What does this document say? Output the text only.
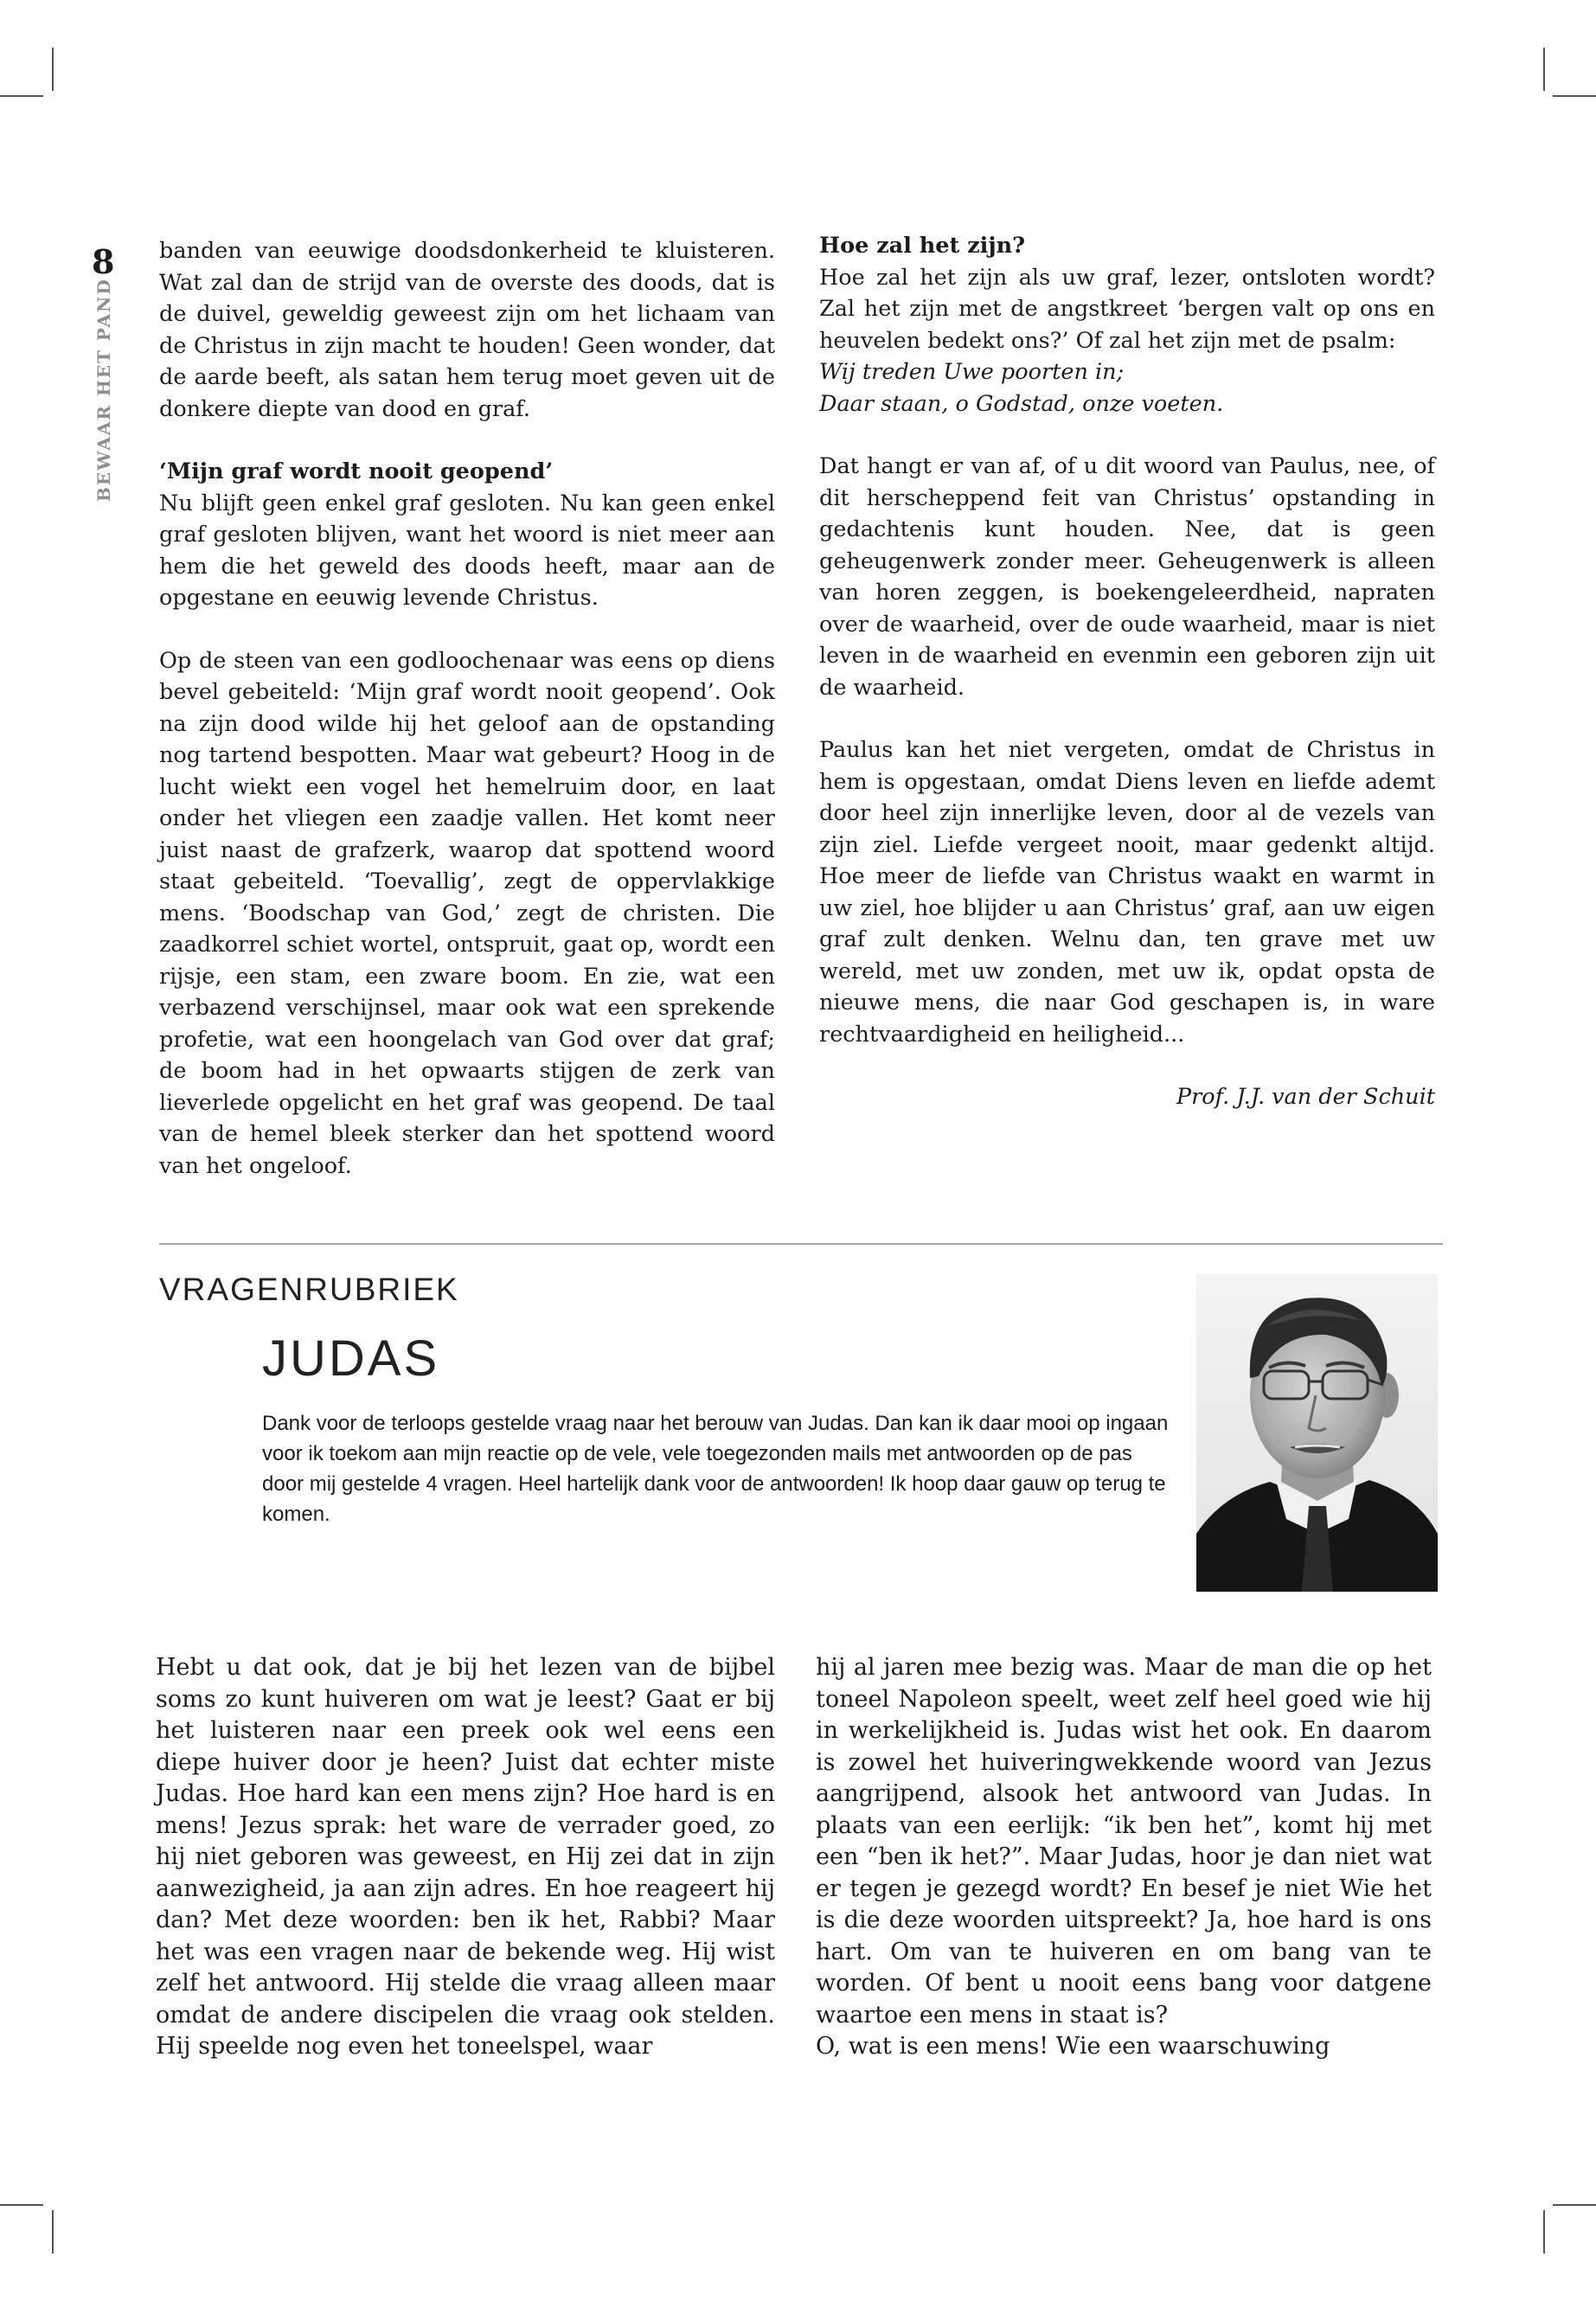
8

BEWAAR HET PAND

banden van eeuwige doodsdonkerheid te kluisteren. Wat zal dan de strijd van de overste des doods, dat is de duivel, geweldig geweest zijn om het lichaam van de Christus in zijn macht te houden! Geen wonder, dat de aarde beeft, als satan hem terug moet geven uit de donkere diepte van dood en graf.

‘Mijn graf wordt nooit geopend’

Nu blijft geen enkel graf gesloten. Nu kan geen enkel graf gesloten blijven, want het woord is niet meer aan hem die het geweld des doods heeft, maar aan de opgestane en eeuwig levende Christus.

Op de steen van een godloochenaar was eens op diens bevel gebeiteld: ‘Mijn graf wordt nooit geopend’. Ook na zijn dood wilde hij het geloof aan de opstanding nog tartend bespotten. Maar wat gebeurt? Hoog in de lucht wiekt een vogel het hemelruim door, en laat onder het vliegen een zaadje vallen. Het komt neer juist naast de grafzerk, waarop dat spottend woord staat gebeiteld. ‘Toevallig’, zegt de oppervlakkige mens. ‘Boodschap van God,’ zegt de christen. Die zaadkorrel schiet wortel, ontspruit, gaat op, wordt een rijsje, een stam, een zware boom. En zie, wat een verbazend verschijnsel, maar ook wat een sprekende profetie, wat een hoongelach van God over dat graf; de boom had in het opwaarts stijgen de zerk van lieverlede opgelicht en het graf was geopend. De taal van de hemel bleek sterker dan het spottend woord van het ongeloof.

Hoe zal het zijn?

Hoe zal het zijn als uw graf, lezer, ontsloten wordt? Zal het zijn met de angstkreet ‘bergen valt op ons en heuvelen bedekt ons?’ Of zal het zijn met de psalm:
Wij treden Uwe poorten in;
Daar staan, o Godstad, onze voeten.

Dat hangt er van af, of u dit woord van Paulus, nee, of dit herscheppend feit van Christus’ opstanding in gedachtenis kunt houden. Nee, dat is geen geheugenwerk zonder meer. Geheugenwerk is alleen van horen zeggen, is boekengeleerdheid, napraten over de waarheid, over de oude waarheid, maar is niet leven in de waarheid en evenmin een geboren zijn uit de waarheid.

Paulus kan het niet vergeten, omdat de Christus in hem is opgestaan, omdat Diens leven en liefde ademt door heel zijn innerlijke leven, door al de vezels van zijn ziel. Liefde vergeet nooit, maar gedenkt altijd. Hoe meer de liefde van Christus waakt en warmt in uw ziel, hoe blijder u aan Christus’ graf, aan uw eigen graf zult denken. Welnu dan, ten grave met uw wereld, met uw zonden, met uw ik, opdat opsta de nieuwe mens, die naar God geschapen is, in ware rechtvaardigheid en heiligheid...

Prof. J.J. van der Schuit

VRAGENRUBRIEK
JUDAS

Dank voor de terloops gestelde vraag naar het berouw van Judas. Dan kan ik daar mooi op ingaan voor ik toekom aan mijn reactie op de vele, vele toegezonden mails met antwoorden op de pas door mij gestelde 4 vragen. Heel hartelijk dank voor de antwoorden! Ik hoop daar gauw op terug te komen.

Hebt u dat ook, dat je bij het lezen van de bijbel soms zo kunt huiveren om wat je leest? Gaat er bij het luisteren naar een preek ook wel eens een diepe huiver door je heen? Juist dat echter miste Judas. Hoe hard kan een mens zijn? Hoe hard is en mens! Jezus sprak: het ware de verrader goed, zo hij niet geboren was geweest, en Hij zei dat in zijn aanwezigheid, ja aan zijn adres. En hoe reageert hij dan? Met deze woorden: ben ik het, Rabbi? Maar het was een vragen naar de bekende weg. Hij wist zelf het antwoord. Hij stelde die vraag alleen maar omdat de andere discipelen die vraag ook stelden. Hij speelde nog even het toneelspel, waar

hij al jaren mee bezig was. Maar de man die op het toneel Napoleon speelt, weet zelf heel goed wie hij in werkelijkheid is. Judas wist het ook. En daarom is zowel het huiveringwekkende woord van Jezus aangrijpend, alsook het antwoord van Judas. In plaats van een eerlijk: “ik ben het”, komt hij met een “ben ik het?”. Maar Judas, hoor je dan niet wat er tegen je gezegd wordt? En besef je niet Wie het is die deze woorden uitspreekt? Ja, hoe hard is ons hart. Om van te huiveren en om bang van te worden. Of bent u nooit eens bang voor datgene waartoe een mens in staat is?

O, wat is een mens! Wie een waarschuwing
